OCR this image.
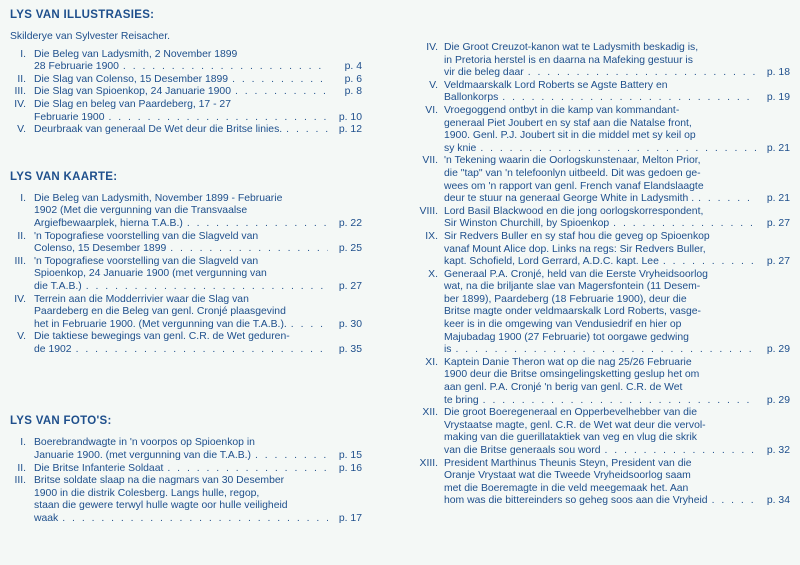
LYS VAN ILLUSTRASIES:
Skilderye van Sylvester Reisacher.
I. Die Beleg van Ladysmith, 2 November 1899
28 Februarie 1900 . . .	p. 4
II. Die Slag van Colenso, 15 Desember 1899 . . .	p. 6
III. Die Slag van Spioenkop, 24 Januarie 1900 . . .	p. 8
IV. Die Slag en beleg van Paardeberg, 17 - 27
Februarie 1900 . . .	p. 10
V. Deurbraak van generaal De Wet deur die Britse linies. . . .	p. 12
LYS VAN KAARTE:
I. Die Beleg van Ladysmith, November 1899 - Februarie
1902 (Met die vergunning van die Transvaalse
Argiefbewaarplek, hierna T.A.B.) . . .	p. 22
II. 'n Topografiese voorstelling van die Slagveld van
Colenso, 15 Desember 1899 . . .	p. 25
III. 'n Topografiese voorstelling van die Slagveld van
Spioenkop, 24 Januarie 1900 (met vergunning van
die T.A.B.) . . .	p. 27
IV. Terrein aan die Modderrivier waar die Slag van
Paardeberg en die Beleg van genl. Cronjé plaasgevind
het in Februarie 1900. (Met vergunning van die T.A.B.). . . .	p. 30
V. Die taktiese bewegings van genl. C.R. de Wet geduren-
de 1902 . . .	p. 35
LYS VAN FOTO'S:
I. Boerebrandwagte in 'n voorpos op Spioenkop in
Januarie 1900. (met vergunning van die T.A.B.) . . .	p. 15
II. Die Britse Infanterie Soldaat . . .	p. 16
III. Britse soldate slaap na die nagmars van 30 Desember
1900 in die distrik Colesberg. Langs hulle, regop,
staan die gewere terwyl hulle wagte oor hulle veiligheid
waak . . .	p. 17
IV. Die Groot Creuzot-kanon wat te Ladysmith beskadig is,
in Pretoria herstel is en daarna na Mafeking gestuur is
vir die beleg daar . . .	p. 18
V. Veldmaarskalk Lord Roberts se Agste Battery en
Ballonkorps . . .	p. 19
VI. Vroegoggend ontbyt in die kamp van kommandant-
generaal Piet Joubert en sy staf aan die Natalse front,
1900. Genl. P.J. Joubert sit in die middel met sy keil op
sy knie . . .	p. 21
VII. 'n Tekening waarin die Oorlogskunstenaar, Melton Prior,
die "tap" van 'n telefoonlyn uitbeeld. Dit was gedoen ge-
wees om 'n rapport van genl. French vanaf Elandslaagte
deur te stuur na generaal George White in Ladysmith . . . .	p. 21
VIII. Lord Basil Blackwood en die jong oorlogskorrespondent,
Sir Winston Churchill, by Spioenkop . . .	p. 27
IX. Sir Redvers Buller en sy staf hou die geveg op Spioenkop
vanaf Mount Alice dop. Links na regs: Sir Redvers Buller,
kapt. Schofield, Lord Gerrard, A.D.C. kapt. Lee . . .	p. 27
X. Generaal P.A. Cronjé, held van die Eerste Vryheidsoorlog
wat, na die briljante slae van Magersfontein (11 Desem-
ber 1899), Paardeberg (18 Februarie 1900), deur die
Britse magte onder veldmaarskalk Lord Roberts, vasge-
keer is in die omgewing van Vendusiedrif en hier op
Majubadag 1900 (27 Februarie) tot oorgawe gedwing
is . . .	p. 29
XI. Kaptein Danie Theron wat op die nag 25/26 Februarie
1900 deur die Britse omsingelingsketting geslup het om
aan genl. P.A. Cronjé 'n berig van genl. C.R. de Wet
te bring . . .	p. 29
XII. Die groot Boeregeneraal en Opperbevelhebber van die
Vrystaatse magte, genl. C.R. de Wet wat deur die vervol-
making van die guerillataktiek van veg en vlug die skrik
van die Britse generaals sou word . . .	p. 32
XIII. President Marthinus Theunis Steyn, President van die
Oranje Vrystaat wat die Tweede Vryheidsoorlog saam
met die Boeremagte in die veld meegemaak het. Aan
hom was die bittereinders so geheg soos aan die Vryheid . . .	p. 34
